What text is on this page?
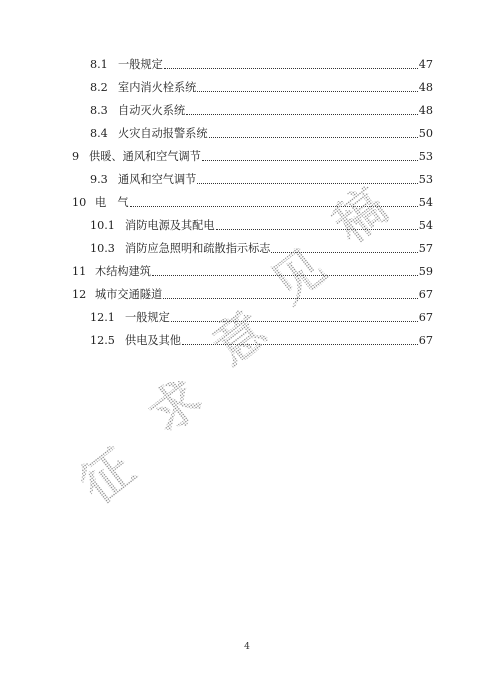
8.1 一般规定	47
8.2 室内消火栓系统	48
8.3 自动灭火系统	48
8.4 火灾自动报警系统	50
9 供暖、通风和空气调节	53
9.3 通风和空气调节	53
10 电　气	54
10.1 消防电源及其配电	54
10.3 消防应急照明和疏散指示标志	57
11 木结构建筑	59
12 城市交通隧道	67
12.1 一般规定	67
12.5 供电及其他	67
征
求
意
见
稿
4
